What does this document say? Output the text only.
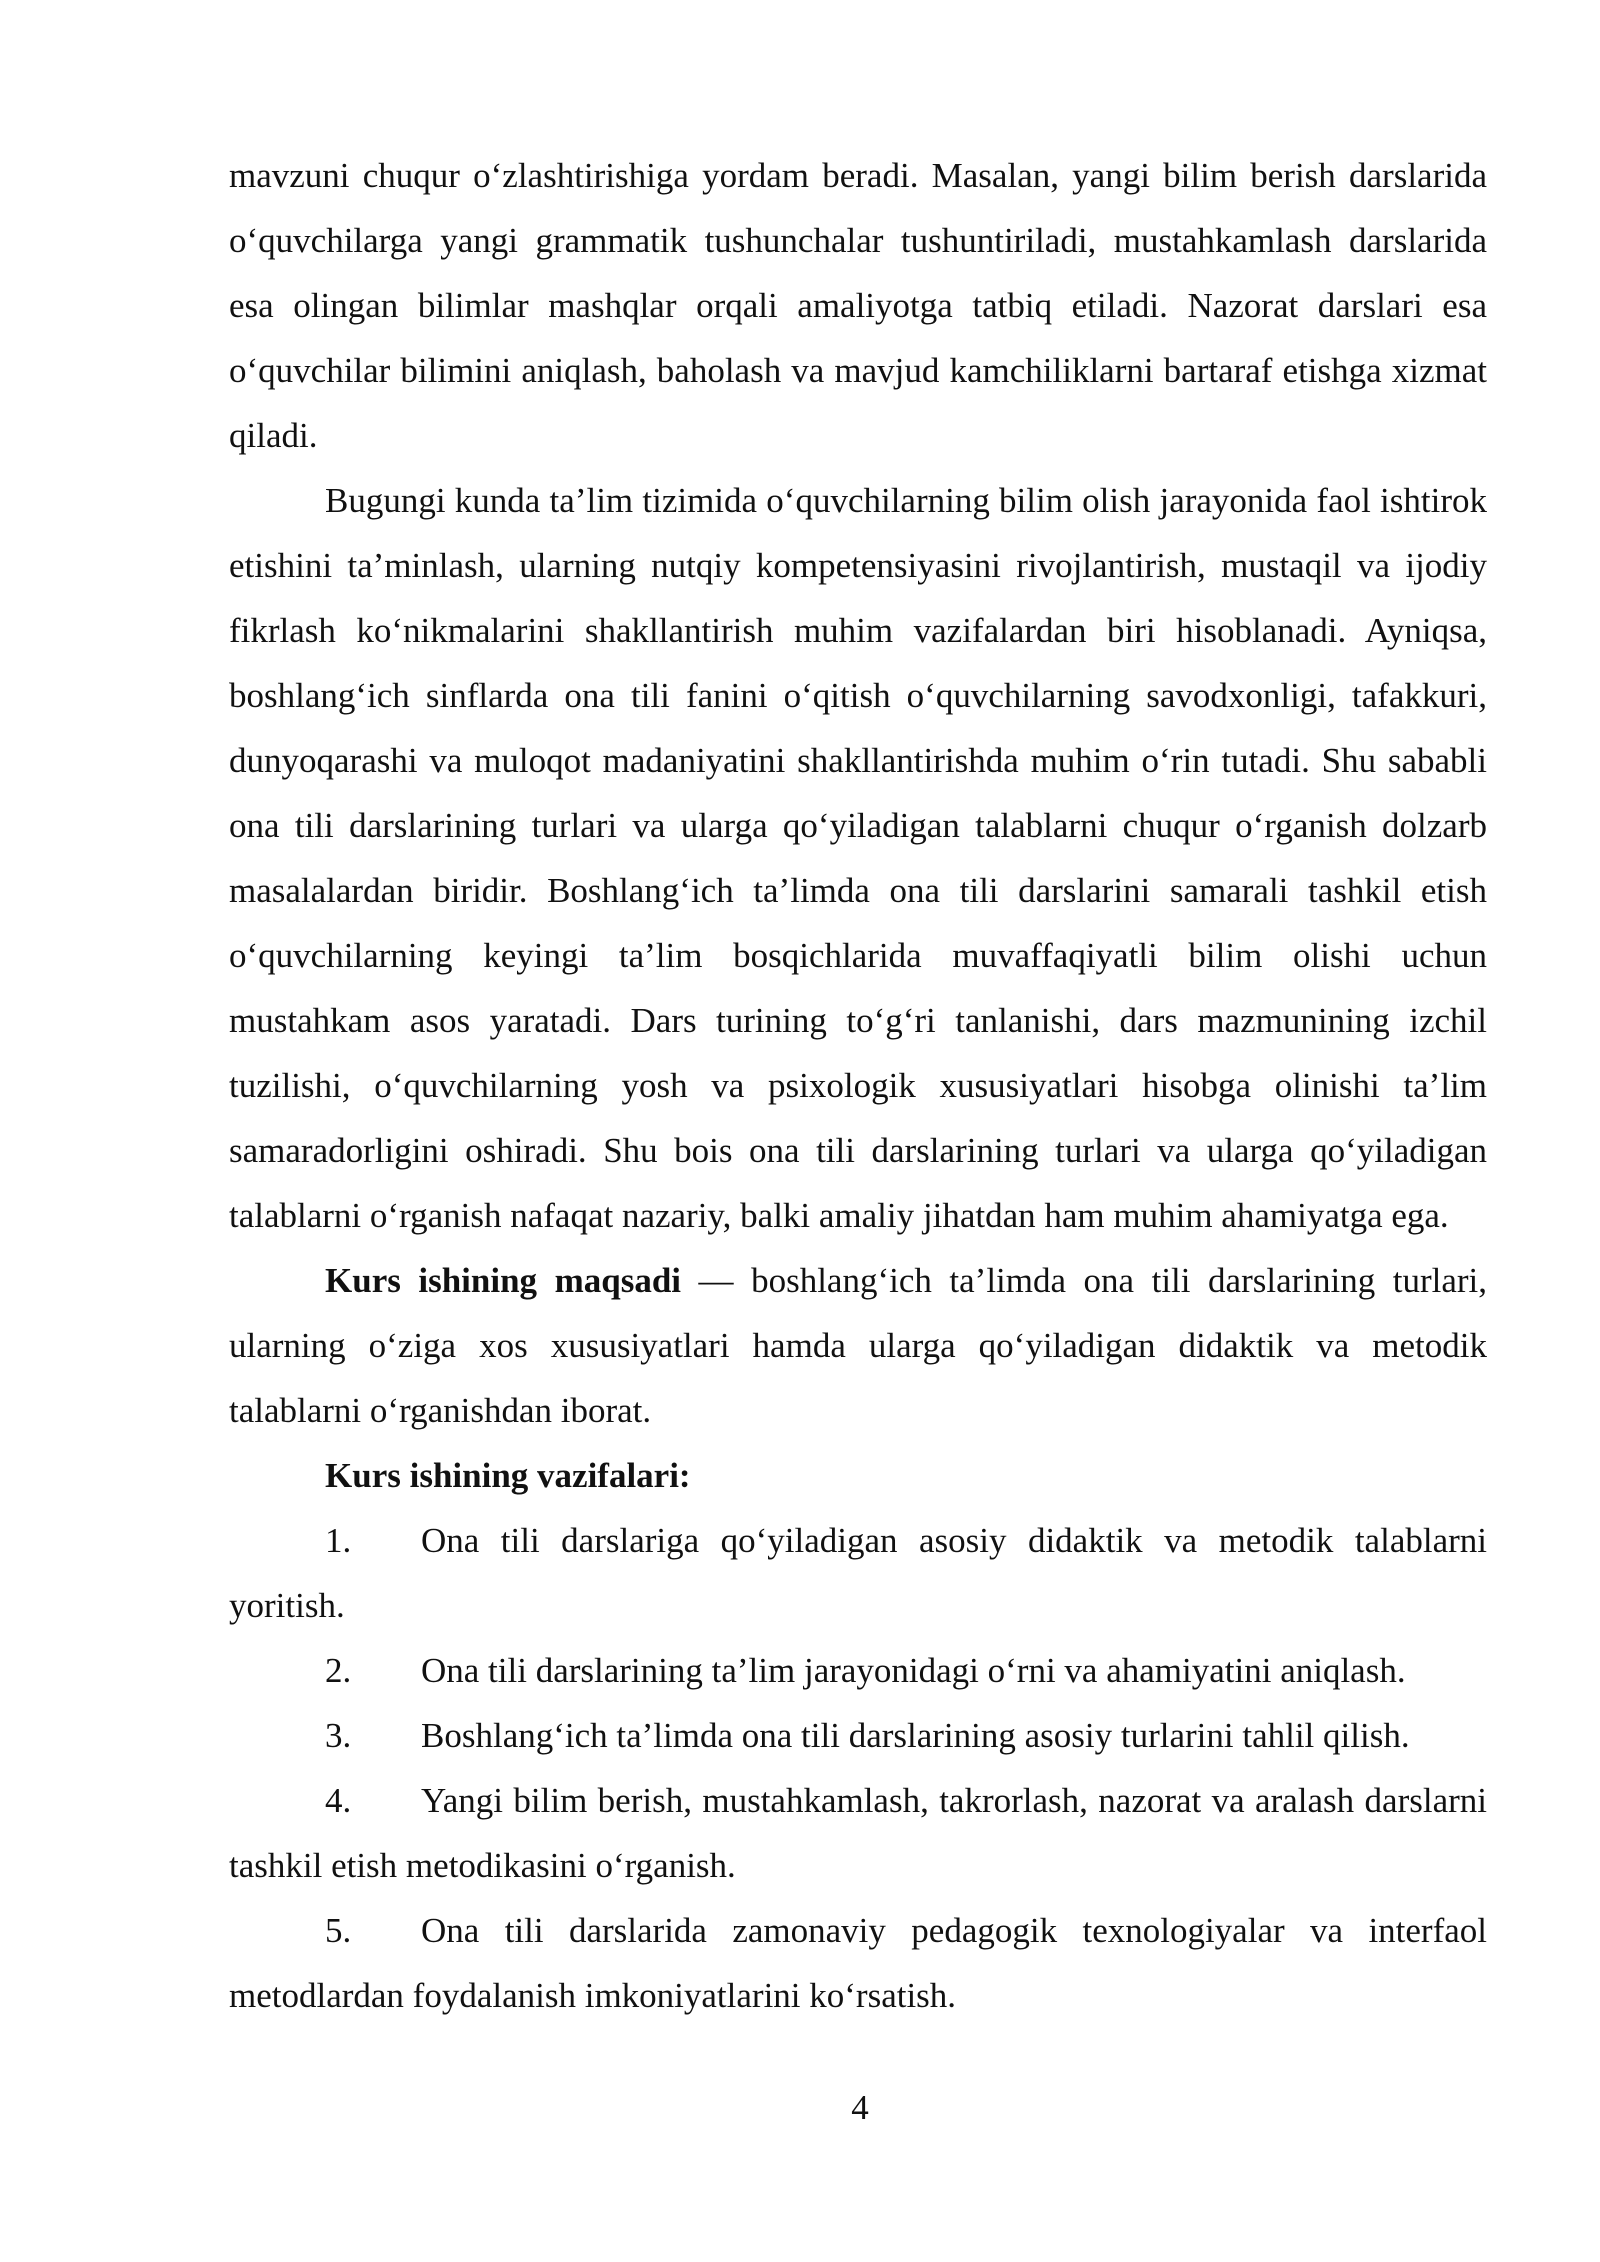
mavzuni chuqur o‘zlashtirishiga yordam beradi. Masalan, yangi bilim berish darslarida o‘quvchilarga yangi grammatik tushunchalar tushuntiriladi, mustahkamlash darslarida esa olingan bilimlar mashqlar orqali amaliyotga tatbiq etiladi. Nazorat darslari esa o‘quvchilar bilimini aniqlash, baholash va mavjud kamchiliklarni bartaraf etishga xizmat qiladi.

Bugungi kunda ta’lim tizimida o‘quvchilarning bilim olish jarayonida faol ishtirok etishini ta’minlash, ularning nutqiy kompetensiyasini rivojlantirish, mustaqil va ijodiy fikrlash ko‘nikmalarini shakllantirish muhim vazifalardan biri hisoblanadi. Ayniqsa, boshlang‘ich sinflarda ona tili fanini o‘qitish o‘quvchilarning savodxonligi, tafakkuri, dunyoqarashi va muloqot madaniyatini shakllantirishda muhim o‘rin tutadi. Shu sababli ona tili darslarining turlari va ularga qo‘yiladigan talablarni chuqur o‘rganish dolzarb masalalardan biridir. Boshlang‘ich ta’limda ona tili darslarini samarali tashkil etish o‘quvchilarning keyingi ta’lim bosqichlarida muvaffaqiyatli bilim olishi uchun mustahkam asos yaratadi. Dars turining to‘g‘ri tanlanishi, dars mazmunining izchil tuzilishi, o‘quvchilarning yosh va psixologik xususiyatlari hisobga olinishi ta’lim samaradorligini oshiradi. Shu bois ona tili darslarining turlari va ularga qo‘yiladigan talablarni o‘rganish nafaqat nazariy, balki amaliy jihatdan ham muhim ahamiyatga ega.

Kurs ishining maqsadi — boshlang‘ich ta’limda ona tili darslarining turlari, ularning o‘ziga xos xususiyatlari hamda ularga qo‘yiladigan didaktik va metodik talablarni o‘rganishdan iborat.

Kurs ishining vazifalari:

1. Ona tili darslariga qo‘yiladigan asosiy didaktik va metodik talablarni yoritish.

2. Ona tili darslarining ta’lim jarayonidagi o‘rni va ahamiyatini aniqlash.

3. Boshlang‘ich ta’limda ona tili darslarining asosiy turlarini tahlil qilish.

4. Yangi bilim berish, mustahkamlash, takrorlash, nazorat va aralash darslarni tashkil etish metodikasini o‘rganish.

5. Ona tili darslarida zamonaviy pedagogik texnologiyalar va interfaol metodlardan foydalanish imkoniyatlarini ko‘rsatish.

4
